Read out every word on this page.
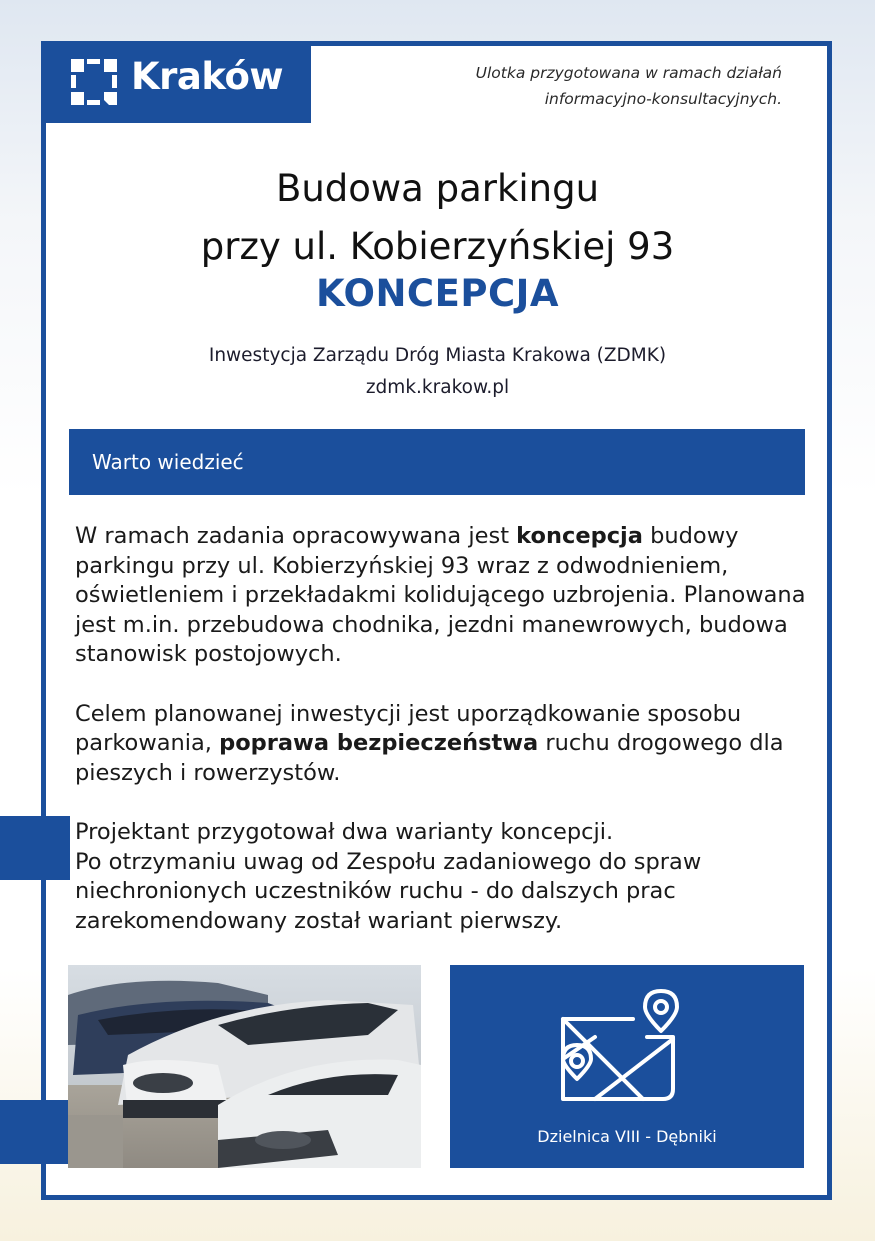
Kraków	Ulotka przygotowana w ramach działań
informacyjno-konsultacyjnych.
Budowa parkingu
przy ul. Kobierzyńskiej 93
KONCEPCJA
Inwestycja Zarządu Dróg Miasta Krakowa (ZDMK)
zdmk.krakow.pl
Warto wiedzieć

W ramach zadania opracowywana jest koncepcja budowy parkingu przy ul. Kobierzyńskiej 93 wraz z odwodnieniem, oświetleniem i przekładakmi kolidującego uzbrojenia. Planowana jest m.in. przebudowa chodnika, jezdni manewrowych, budowa stanowisk postojowych.

Celem planowanej inwestycji jest uporządkowanie sposobu parkowania, poprawa bezpieczeństwa ruchu drogowego dla pieszych i rowerzystów.

Projektant przygotował dwa warianty koncepcji.
Po otrzymaniu uwag od Zespołu zadaniowego do spraw niechronionych uczestników ruchu - do dalszych prac zarekomendowany został wariant pierwszy.

Dzielnica VIII - Dębniki
